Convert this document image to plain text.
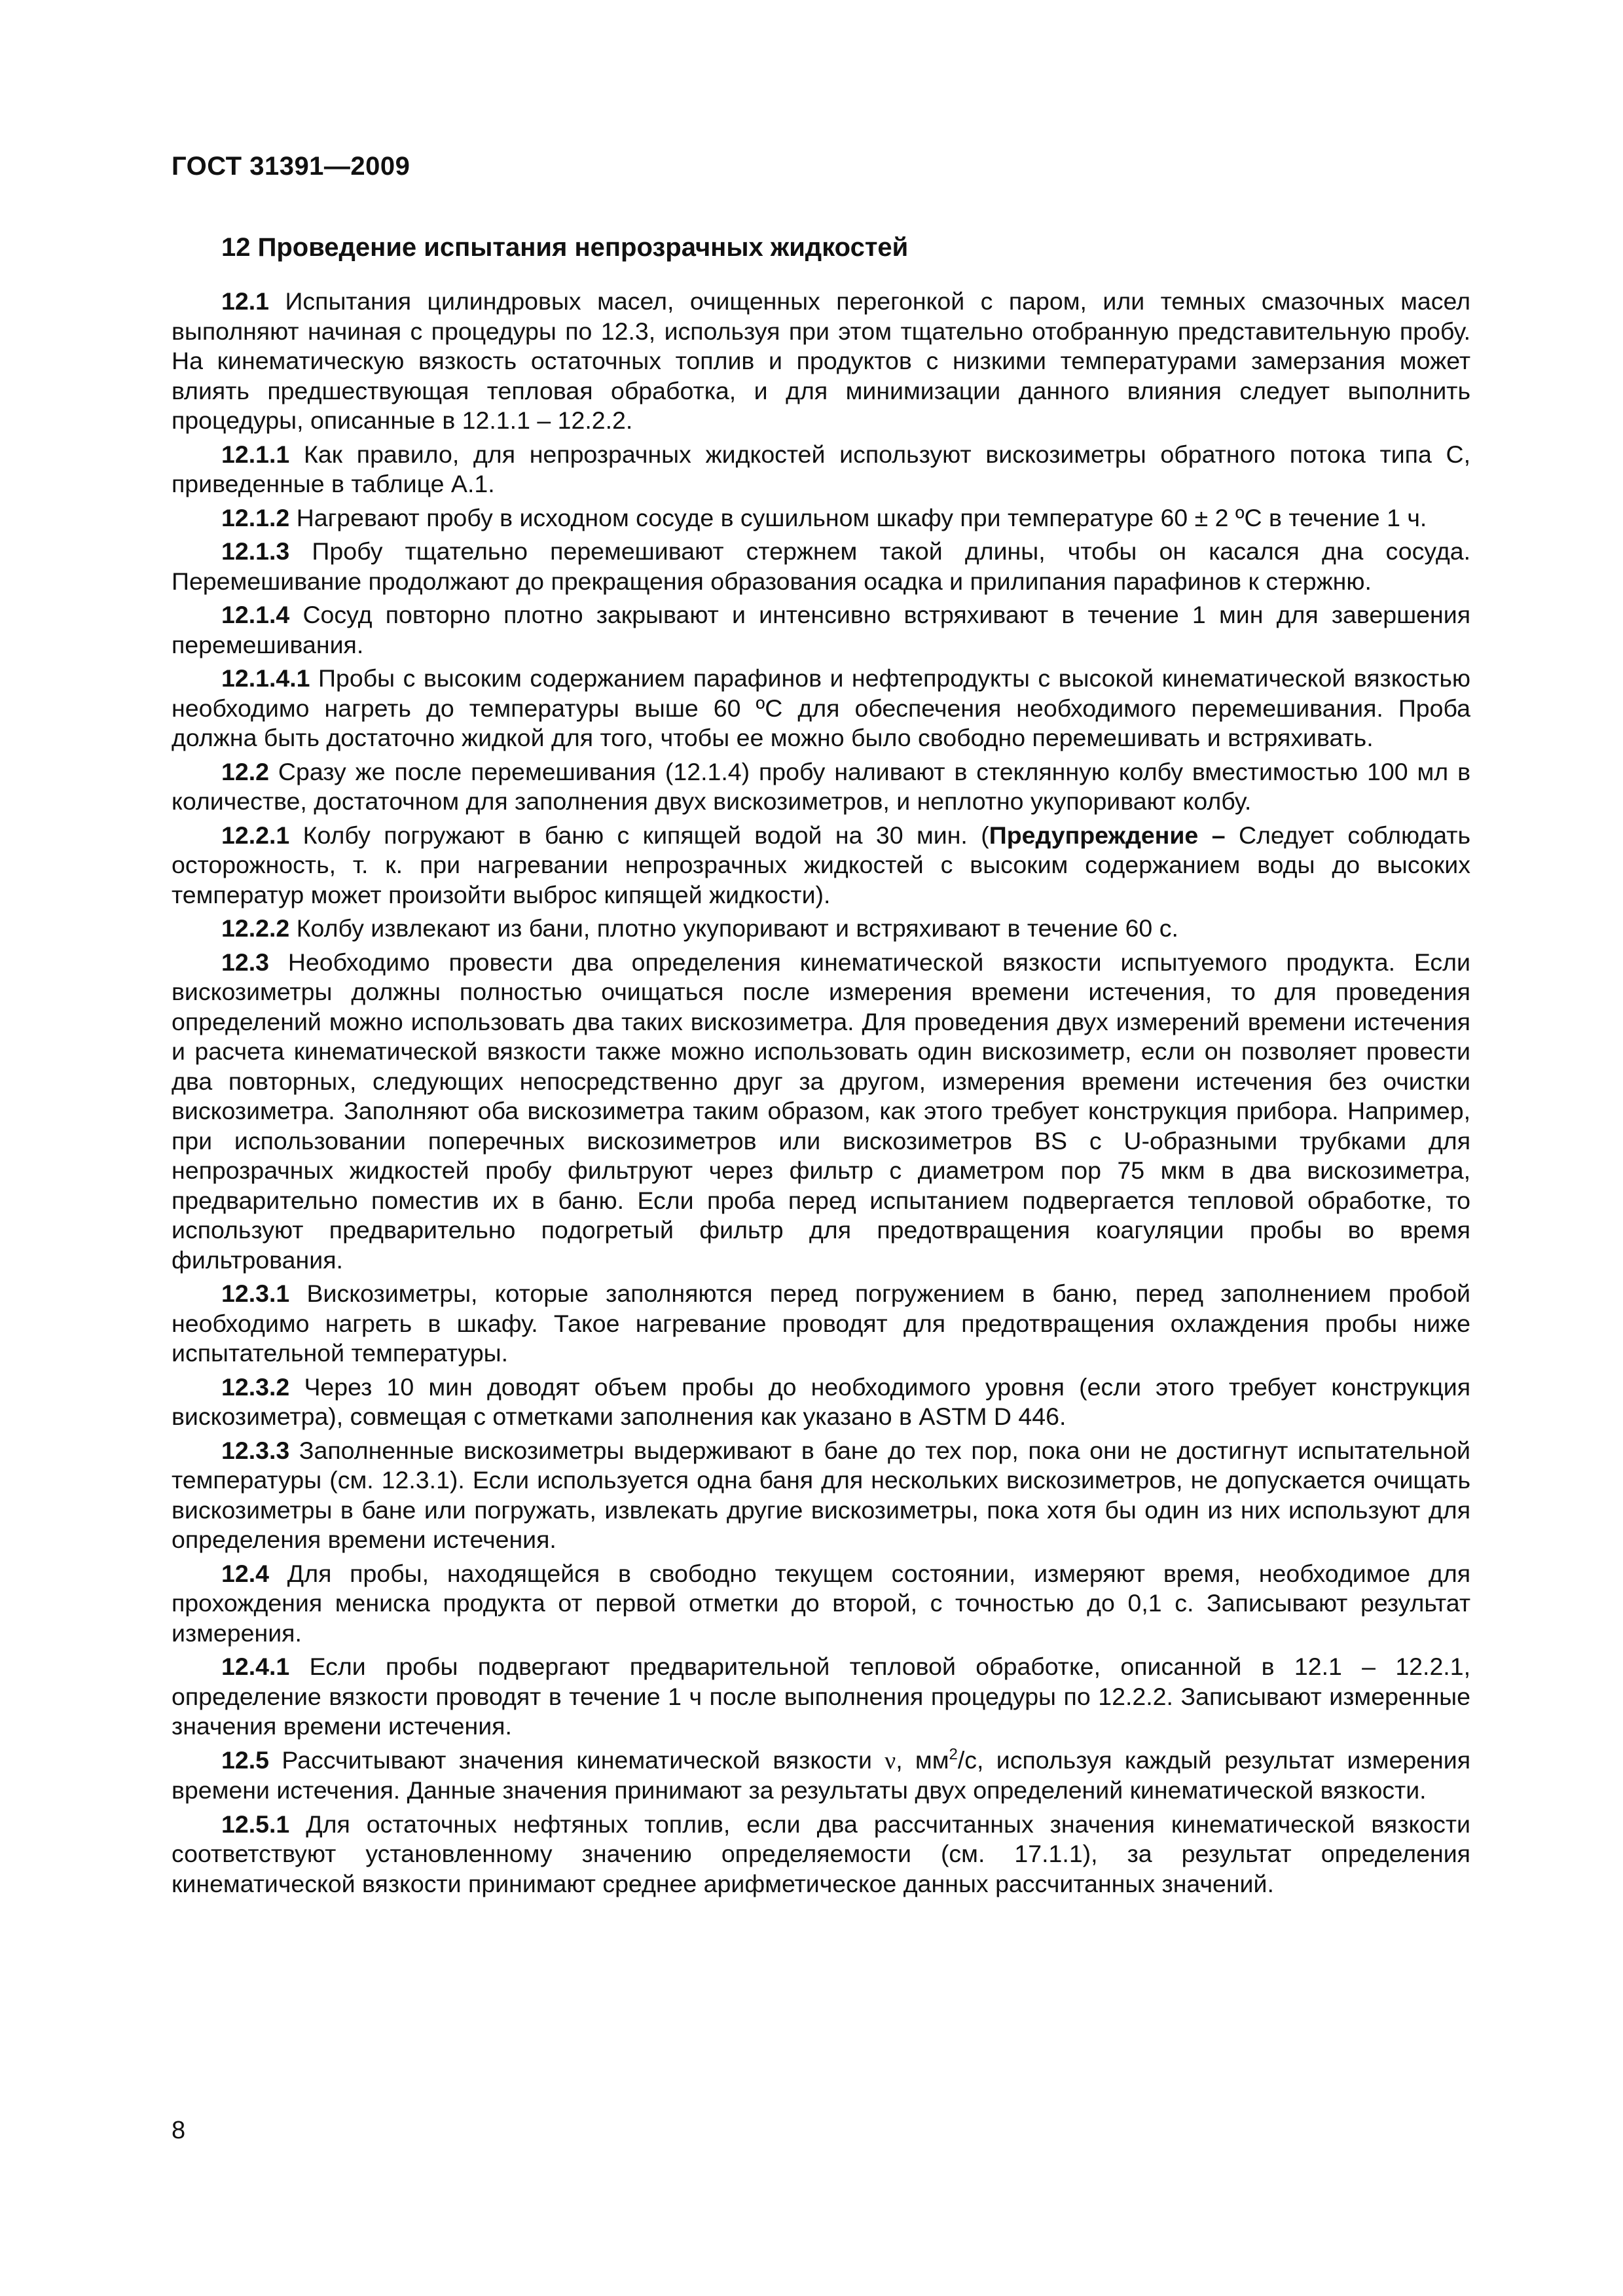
ГОСТ 31391—2009
12 Проведение испытания непрозрачных жидкостей

12.1 Испытания цилиндровых масел, очищенных перегонкой с паром, или темных смазочных масел выполняют начиная с процедуры по 12.3, используя при этом тщательно отобранную представительную пробу. На кинематическую вязкость остаточных топлив и продуктов с низкими температурами замерзания может влиять предшествующая тепловая обработка, и для минимизации данного влияния следует выполнить процедуры, описанные в 12.1.1 – 12.2.2.

12.1.1 Как правило, для непрозрачных жидкостей используют вискозиметры обратного потока типа C, приведенные в таблице А.1.

12.1.2 Нагревают пробу в исходном сосуде в сушильном шкафу при температуре 60 ± 2 ºС в течение 1 ч.

12.1.3 Пробу тщательно перемешивают стержнем такой длины, чтобы он касался дна сосуда. Перемешивание продолжают до прекращения образования осадка и прилипания парафинов к стержню.

12.1.4 Сосуд повторно плотно закрывают и интенсивно встряхивают в течение 1 мин для завершения перемешивания.

12.1.4.1 Пробы с высоким содержанием парафинов и нефтепродукты с высокой кинематической вязкостью необходимо нагреть до температуры выше 60 ºС для обеспечения необходимого перемешивания. Проба должна быть достаточно жидкой для того, чтобы ее можно было свободно перемешивать и встряхивать.

12.2 Сразу же после перемешивания (12.1.4) пробу наливают в стеклянную колбу вместимостью 100 мл в количестве, достаточном для заполнения двух вискозиметров, и неплотно укупоривают колбу.

12.2.1 Колбу погружают в баню с кипящей водой на 30 мин. (Предупреждение – Следует соблюдать осторожность, т. к. при нагревании непрозрачных жидкостей с высоким содержанием воды до высоких температур может произойти выброс кипящей жидкости).

12.2.2 Колбу извлекают из бани, плотно укупоривают и встряхивают в течение 60 с.

12.3 Необходимо провести два определения кинематической вязкости испытуемого продукта. Если вискозиметры должны полностью очищаться после измерения времени истечения, то для проведения определений можно использовать два таких вискозиметра. Для проведения двух измерений времени истечения и расчета кинематической вязкости также можно использовать один вискозиметр, если он позволяет провести два повторных, следующих непосредственно друг за другом, измерения времени истечения без очистки вискозиметра. Заполняют оба вискозиметра таким образом, как этого требует конструкция прибора. Например, при использовании поперечных вискозиметров или вискозиметров BS с U-образными трубками для непрозрачных жидкостей пробу фильтруют через фильтр с диаметром пор 75 мкм в два вискозиметра, предварительно поместив их в баню. Если проба перед испытанием подвергается тепловой обработке, то используют предварительно подогретый фильтр для предотвращения коагуляции пробы во время фильтрования.

12.3.1 Вискозиметры, которые заполняются перед погружением в баню, перед заполнением пробой необходимо нагреть в шкафу. Такое нагревание проводят для предотвращения охлаждения пробы ниже испытательной температуры.

12.3.2 Через 10 мин доводят объем пробы до необходимого уровня (если этого требует конструкция вискозиметра), совмещая с отметками заполнения как указано в ASTM D 446.

12.3.3 Заполненные вискозиметры выдерживают в бане до тех пор, пока они не достигнут испытательной температуры (см. 12.3.1). Если используется одна баня для нескольких вискозиметров, не допускается очищать вискозиметры в бане или погружать, извлекать другие вискозиметры, пока хотя бы один из них используют для определения времени истечения.

12.4 Для пробы, находящейся в свободно текущем состоянии, измеряют время, необходимое для прохождения мениска продукта от первой отметки до второй, с точностью до 0,1 с. Записывают результат измерения.

12.4.1 Если пробы подвергают предварительной тепловой обработке, описанной в 12.1 – 12.2.1, определение вязкости проводят в течение 1 ч после выполнения процедуры по 12.2.2. Записывают измеренные значения времени истечения.

12.5 Рассчитывают значения кинематической вязкости ν, $мм^2/с$, используя каждый результат измерения времени истечения. Данные значения принимают за результаты двух определений кинематической вязкости.

12.5.1 Для остаточных нефтяных топлив, если два рассчитанных значения кинематической вязкости соответствуют установленному значению определяемости (см. 17.1.1), за результат определения кинематической вязкости принимают среднее арифметическое данных рассчитанных значений.

8
